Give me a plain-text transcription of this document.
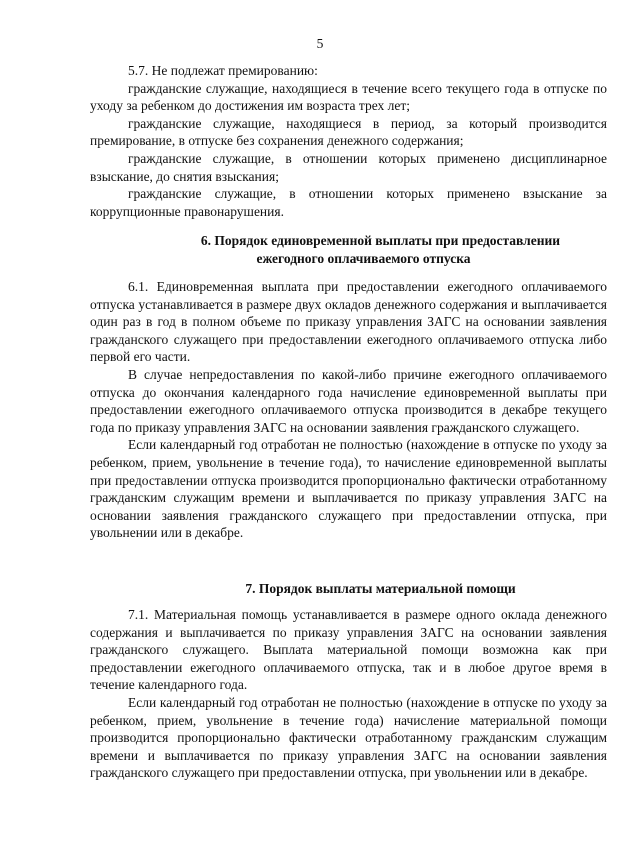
5

5.7. Не подлежат премированию:

гражданские служащие, находящиеся в течение всего текущего года в отпуске по уходу за ребенком до достижения им возраста трех лет;

гражданские служащие, находящиеся в период, за который производится премирование, в отпуске без сохранения денежного содержания;

гражданские служащие, в отношении которых применено дисциплинарное взыскание, до снятия взыскания;

гражданские служащие, в отношении которых применено взыскание за коррупционные правонарушения.

6. Порядок единовременной выплаты при предоставлении
ежегодного оплачиваемого отпуска

6.1. Единовременная выплата при предоставлении ежегодного оплачиваемого отпуска устанавливается в размере двух окладов денежного содержания и выплачивается один раз в год в полном объеме по приказу управления ЗАГС на основании заявления гражданского служащего при предоставлении ежегодного оплачиваемого отпуска либо первой его части.

В случае непредоставления по какой-либо причине ежегодного оплачиваемого отпуска до окончания календарного года начисление единовременной выплаты при предоставлении ежегодного оплачиваемого отпуска производится в декабре текущего года по приказу управления ЗАГС на основании заявления гражданского служащего.

Если календарный год отработан не полностью (нахождение в отпуске по уходу за ребенком, прием, увольнение в течение года), то начисление единовременной выплаты при предоставлении отпуска производится пропорционально фактически отработанному гражданским служащим времени и выплачивается по приказу управления ЗАГС на основании заявления гражданского служащего при предоставлении отпуска, при увольнении или в декабре.

7. Порядок выплаты материальной помощи

7.1. Материальная помощь устанавливается в размере одного оклада денежного содержания и выплачивается по приказу управления ЗАГС на основании заявления гражданского служащего. Выплата материальной помощи возможна как при предоставлении ежегодного оплачиваемого отпуска, так и в любое другое время в течение календарного года.

Если календарный год отработан не полностью (нахождение в отпуске по уходу за ребенком, прием, увольнение в течение года) начисление материальной помощи производится пропорционально фактически отработанному гражданским служащим времени и выплачивается по приказу управления ЗАГС на основании заявления гражданского служащего при предоставлении отпуска, при увольнении или в декабре.
